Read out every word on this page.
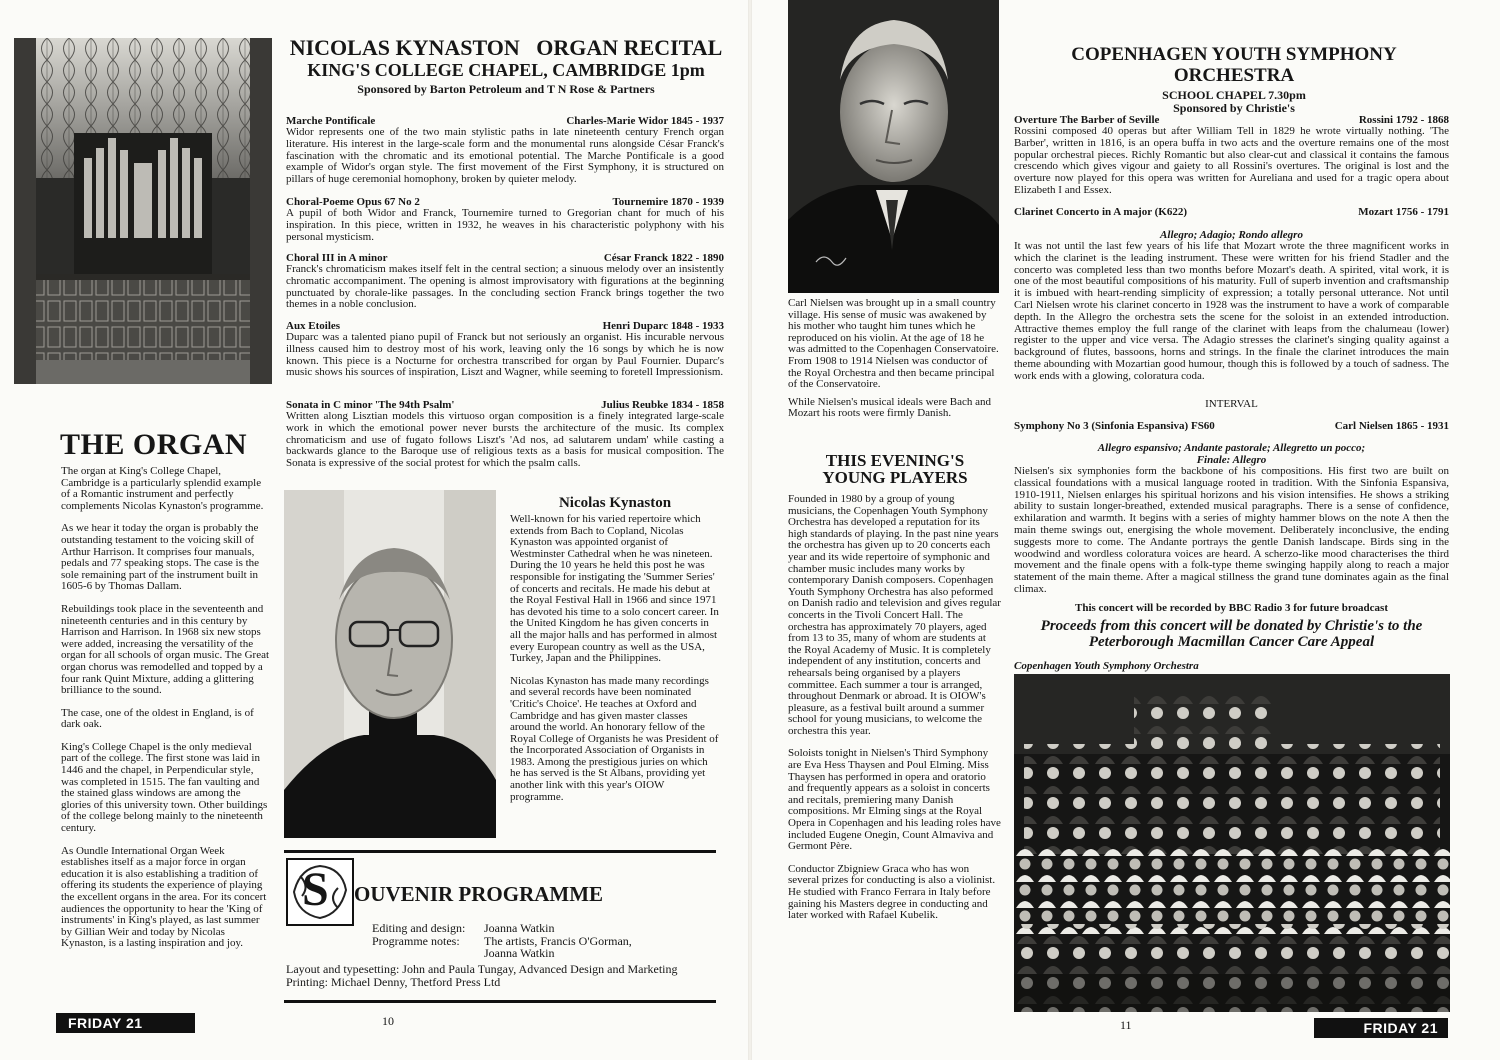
NICOLAS KYNASTON   ORGAN RECITAL
KING'S COLLEGE CHAPEL, CAMBRIDGE 1pm
Sponsored by Barton Petroleum and T N Rose & Partners
Marche Pontificale	Charles-Marie Widor 1845 - 1937

Widor represents one of the two main stylistic paths in late nineteenth century French organ literature. His interest in the large-scale form and the monumental runs alongside César Franck's fascination with the chromatic and its emotional potential. The Marche Pontificale is a good example of Widor's organ style. The first movement of the First Symphony, it is structured on pillars of huge ceremonial homophony, broken by quieter melody.

Choral-Poeme Opus 67 No 2	Tournemire 1870 - 1939

A pupil of both Widor and Franck, Tournemire turned to Gregorian chant for much of his inspiration. In this piece, written in 1932, he weaves in his characteristic polyphony with his personal mysticism.

Choral III in A minor	César Franck 1822 - 1890

Franck's chromaticism makes itself felt in the central section; a sinuous melody over an insistently chromatic accompaniment. The opening is almost improvisatory with figurations at the beginning punctuated by chorale-like passages. In the concluding section Franck brings together the two themes in a noble conclusion.

Aux Etoiles	Henri Duparc 1848 - 1933

Duparc was a talented piano pupil of Franck but not seriously an organist. His incurable nervous illness caused him to destroy most of his work, leaving only the 16 songs by which he is now known. This piece is a Nocturne for orchestra transcribed for organ by Paul Fournier. Duparc's music shows his sources of inspiration, Liszt and Wagner, while seeming to foretell Impressionism.

Sonata in C minor 'The 94th Psalm'	Julius Reubke 1834 - 1858

Written along Lisztian models this virtuoso organ composition is a finely integrated large-scale work in which the emotional power never bursts the architecture of the music. Its complex chromaticism and use of fugato follows Liszt's 'Ad nos, ad salutarem undam' while casting a backwards glance to the Baroque use of religious texts as a basis for musical composition. The Sonata is expressive of the social protest for which the psalm calls.

THE ORGAN

The organ at King's College Chapel, Cambridge is a particularly splendid example of a Romantic instrument and perfectly complements Nicolas Kynaston's programme.

As we hear it today the organ is probably the outstanding testament to the voicing skill of Arthur Harrison. It comprises four manuals, pedals and 77 speaking stops. The case is the sole remaining part of the instrument built in 1605-6 by Thomas Dallam.

Rebuildings took place in the seventeenth and nineteenth centuries and in this century by Harrison and Harrison. In 1968 six new stops were added, increasing the versatility of the organ for all schools of organ music. The Great organ chorus was remodelled and topped by a four rank Quint Mixture, adding a glittering brilliance to the sound.

The case, one of the oldest in England, is of dark oak.

King's College Chapel is the only medieval part of the college. The first stone was laid in 1446 and the chapel, in Perpendicular style, was completed in 1515. The fan vaulting and the stained glass windows are among the glories of this university town. Other buildings of the college belong mainly to the nineteenth century.

As Oundle International Organ Week establishes itself as a major force in organ education it is also establishing a tradition of offering its students the experience of playing the excellent organs in the area. For its concert audiences the opportunity to hear the 'King of instruments' in King's played, as last summer by Gillian Weir and today by Nicolas Kynaston, is a lasting inspiration and joy.

Nicolas Kynaston

Well-known for his varied repertoire which extends from Bach to Copland, Nicolas Kynaston was appointed organist of Westminster Cathedral when he was nineteen. During the 10 years he held this post he was responsible for instigating the 'Summer Series' of concerts and recitals. He made his debut at the Royal Festival Hall in 1966 and since 1971 has devoted his time to a solo concert career. In the United Kingdom he has given concerts in all the major halls and has performed in almost every European country as well as the USA, Turkey, Japan and the Philippines.

Nicolas Kynaston has made many recordings and several records have been nominated 'Critic's Choice'. He teaches at Oxford and Cambridge and has given master classes around the world. An honorary fellow of the Royal College of Organists he was President of the Incorporated Association of Organists in 1983. Among the prestigious juries on which he has served is the St Albans, providing yet another link with this year's OIOW programme.

S OUVENIR PROGRAMME
Editing and design:	Joanna Watkin
Programme notes:	The artists, Francis O'Gorman,
Joanna Watkin
Layout and typesetting: John and Paula Tungay, Advanced Design and Marketing
Printing: Michael Denny, Thetford Press Ltd
FRIDAY 21	10

Carl Nielsen was brought up in a small country village. His sense of music was awakened by his mother who taught him tunes which he reproduced on his violin. At the age of 18 he was admitted to the Copenhagen Conservatoire. From 1908 to 1914 Nielsen was conductor of the Royal Orchestra and then became principal of the Conservatoire.

While Nielsen's musical ideals were Bach and Mozart his roots were firmly Danish.

THIS EVENING'S
YOUNG PLAYERS

Founded in 1980 by a group of young musicians, the Copenhagen Youth Symphony Orchestra has developed a reputation for its high standards of playing. In the past nine years the orchestra has given up to 20 concerts each year and its wide repertoire of symphonic and chamber music includes many works by contemporary Danish composers. Copenhagen Youth Symphony Orchestra has also peformed on Danish radio and television and gives regular concerts in the Tivoli Concert Hall. The orchestra has approximately 70 players, aged from 13 to 35, many of whom are students at the Royal Academy of Music. It is completely independent of any institution, concerts and rehearsals being organised by a players committee. Each summer a tour is arranged, throughout Denmark or abroad. It is OIOW's pleasure, as a festival built around a summer school for young musicians, to welcome the orchestra this year.

Soloists tonight in Nielsen's Third Symphony are Eva Hess Thaysen and Poul Elming. Miss Thaysen has performed in opera and oratorio and frequently appears as a soloist in concerts and recitals, premiering many Danish compositions. Mr Elming sings at the Royal Opera in Copenhagen and his leading roles have included Eugene Onegin, Count Almaviva and Germont Père.

Conductor Zbigniew Graca who has won several prizes for conducting is also a violinist. He studied with Franco Ferrara in Italy before gaining his Masters degree in conducting and later worked with Rafael Kubelik.

COPENHAGEN YOUTH SYMPHONY
ORCHESTRA
SCHOOL CHAPEL 7.30pm
Sponsored by Christie's
Overture The Barber of Seville	Rossini 1792 - 1868

Rossini composed 40 operas but after William Tell in 1829 he wrote virtually nothing. 'The Barber', written in 1816, is an opera buffa in two acts and the overture remains one of the most popular orchestral pieces. Richly Romantic but also clear-cut and classical it contains the famous crescendo which gives vigour and gaiety to all Rossini's overtures. The original is lost and the overture now played for this opera was written for Aureliana and used for a tragic opera about Elizabeth I and Essex.

Clarinet Concerto in A major (K622)	Mozart 1756 - 1791
Allegro; Adagio; Rondo allegro

It was not until the last few years of his life that Mozart wrote the three magnificent works in which the clarinet is the leading instrument. These were written for his friend Stadler and the concerto was completed less than two months before Mozart's death. A spirited, vital work, it is one of the most beautiful compositions of his maturity. Full of superb invention and craftsmanship it is imbued with heart-rending simplicity of expression; a totally personal utterance. Not until Carl Nielsen wrote his clarinet concerto in 1928 was the instrument to have a work of comparable depth. In the Allegro the orchestra sets the scene for the soloist in an extended introduction. Attractive themes employ the full range of the clarinet with leaps from the chalumeau (lower) register to the upper and vice versa. The Adagio stresses the clarinet's singing quality against a background of flutes, bassoons, horns and strings. In the finale the clarinet introduces the main theme abounding with Mozartian good humour, though this is followed by a touch of sadness. The work ends with a glowing, coloratura coda.

INTERVAL
Symphony No 3 (Sinfonia Espansiva) FS60	Carl Nielsen 1865 - 1931
Allegro espansivo; Andante pastorale; Allegretto un pocco;
Finale: Allegro

Nielsen's six symphonies form the backbone of his compositions. His first two are built on classical foundations with a musical language rooted in tradition. With the Sinfonia Espansiva, 1910-1911, Nielsen enlarges his spiritual horizons and his vision intensifies. He shows a striking ability to sustain longer-breathed, extended musical paragraphs. There is a sense of confidence, exhilaration and warmth. It begins with a series of mighty hammer blows on the note A then the main theme swings out, energising the whole movement. Deliberately inconclusive, the ending suggests more to come. The Andante portrays the gentle Danish landscape. Birds sing in the woodwind and wordless coloratura voices are heard. A scherzo-like mood characterises the third movement and the finale opens with a folk-type theme swinging happily along to reach a major statement of the main theme. After a magical stillness the grand tune dominates again as the final climax.

This concert will be recorded by BBC Radio 3 for future broadcast
Proceeds from this concert will be donated by Christie's to the
Peterborough Macmillan Cancer Care Appeal
Copenhagen Youth Symphony Orchestra
11	FRIDAY 21
